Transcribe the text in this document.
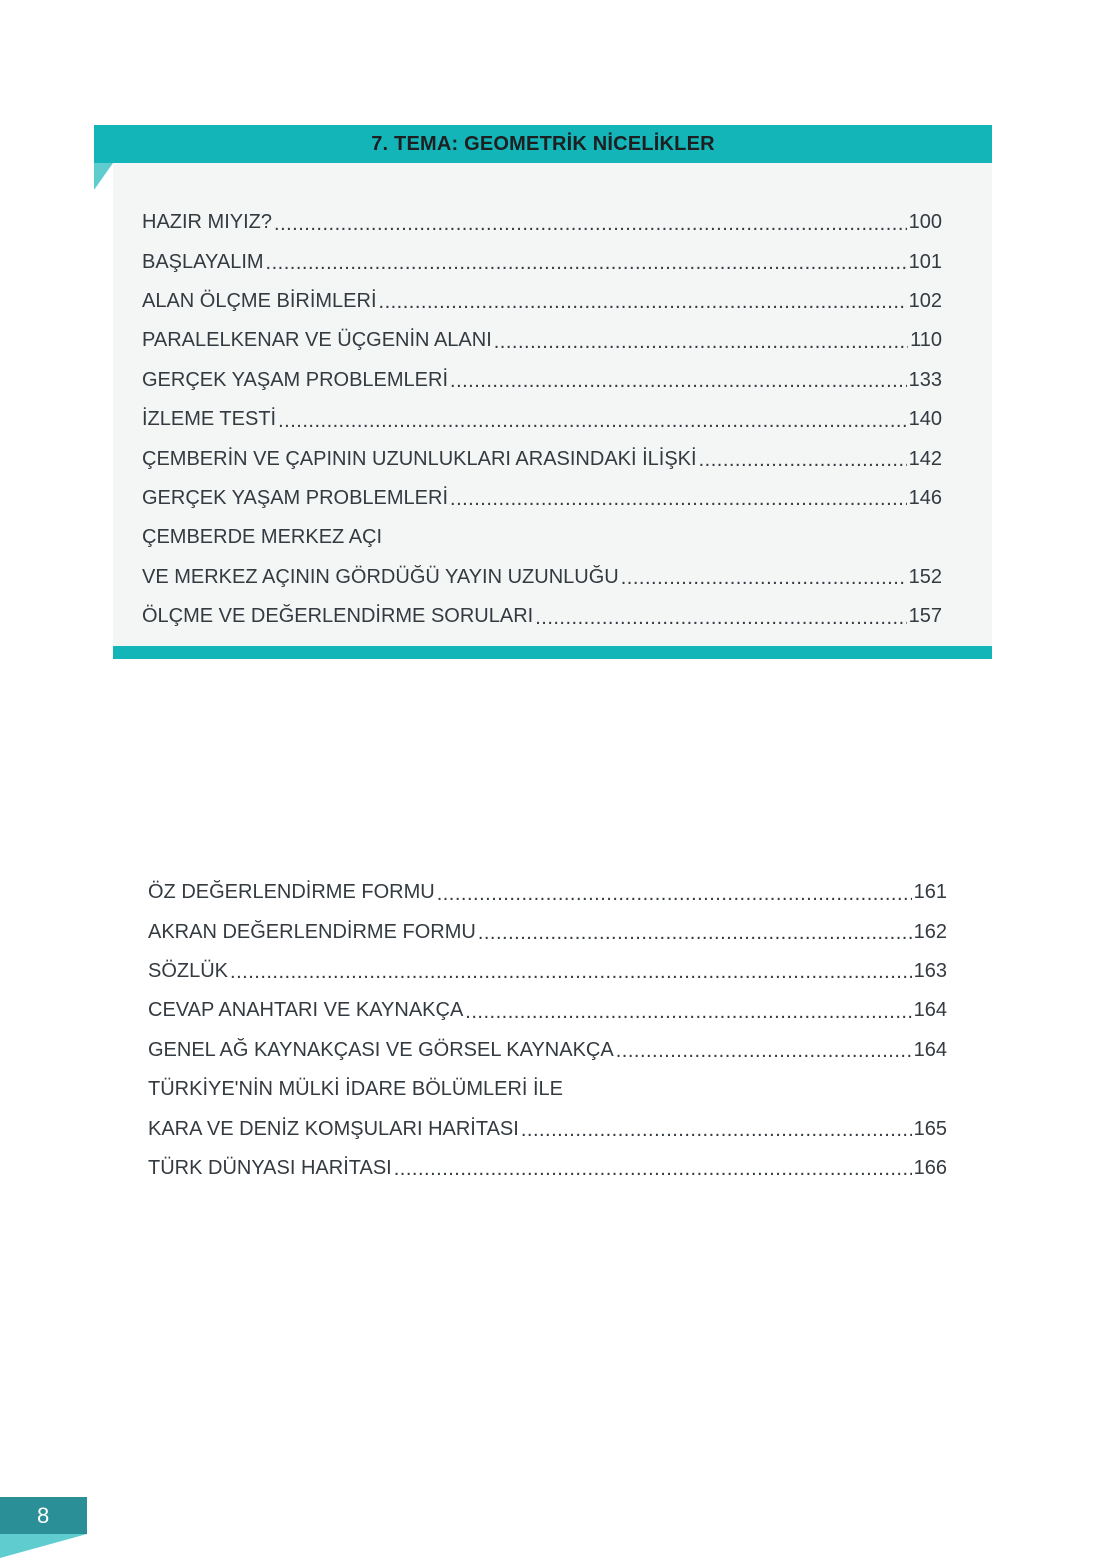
7. TEMA: GEOMETRİK NİCELİKLER
HAZIR MIYIZ? .....	100
BAŞLAYALIM .....	101
ALAN ÖLÇME BİRİMLERİ .....	102
PARALELKENAR VE ÜÇGENİN ALANI .....	110
GERÇEK YAŞAM PROBLEMLERİ .....	133
İZLEME TESTİ .....	140
ÇEMBERİN VE ÇAPININ UZUNLUKLARI ARASINDAKİ İLİŞKİ .....	142
GERÇEK YAŞAM PROBLEMLERİ .....	146
ÇEMBERDE MERKEZ AÇI
VE MERKEZ AÇININ GÖRDÜĞÜ YAYIN UZUNLUĞU .....	152
ÖLÇME VE DEĞERLENDİRME SORULARI .....	157
ÖZ DEĞERLENDİRME FORMU .....	161
AKRAN DEĞERLENDİRME FORMU .....	162
SÖZLÜK .....	163
CEVAP ANAHTARI VE KAYNAKÇA .....	164
GENEL AĞ KAYNAKÇASI VE GÖRSEL KAYNAKÇA .....	164
TÜRKİYE'NİN MÜLKİ İDARE BÖLÜMLERİ İLE
KARA VE DENİZ KOMŞULARI HARİTASI .....	165
TÜRK DÜNYASI HARİTASI .....	166
8
